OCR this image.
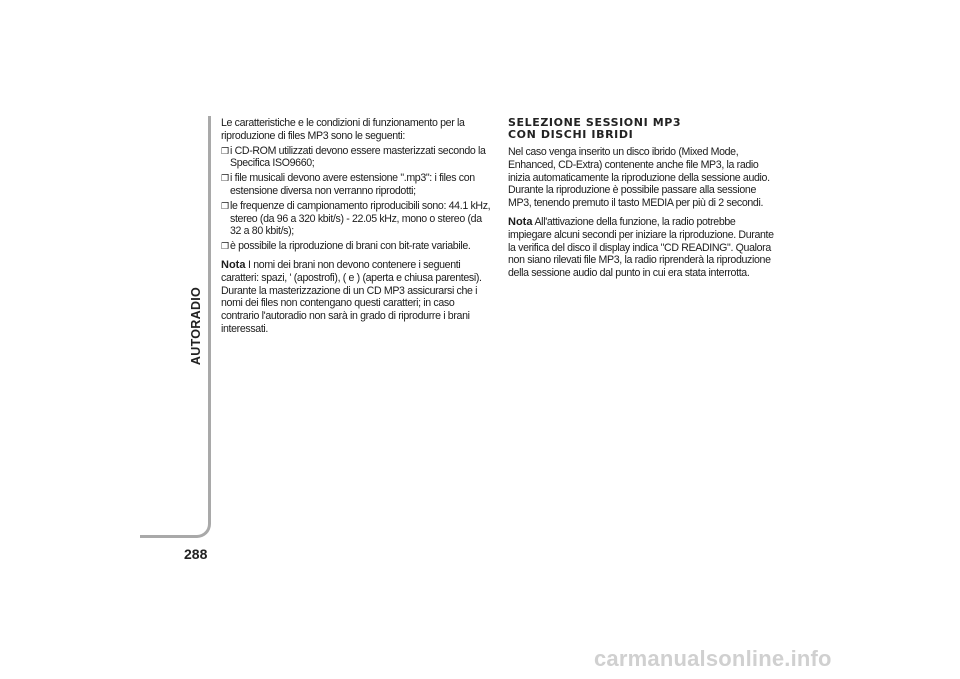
AUTORADIO
288

Le caratteristiche e le condizioni di funzionamento per la riproduzione di files MP3 sono le seguenti:

❒ i CD-ROM utilizzati devono essere masterizzati secondo la Specifica ISO9660;
❒ i file musicali devono avere estensione ".mp3": i files con estensione diversa non verranno riprodotti;
❒ le frequenze di campionamento riproducibili sono: 44.1 kHz, stereo (da 96 a 320 kbit/s) - 22.05 kHz, mono o stereo (da 32 a 80 kbit/s);
❒ è possibile la riproduzione di brani con bit-rate variabile.

Nota I nomi dei brani non devono contenere i seguenti caratteri: spazi, ' (apostrofi), ( e ) (aperta e chiusa parentesi). Durante la masterizzazione di un CD MP3 assicurarsi che i nomi dei files non contengano questi caratteri; in caso contrario l'autoradio non sarà in grado di riprodurre i brani interessati.

SELEZIONE SESSIONI MP3
CON DISCHI IBRIDI

Nel caso venga inserito un disco ibrido (Mixed Mode, Enhanced, CD-Extra) contenente anche file MP3, la radio inizia automaticamente la riproduzione della sessione audio. Durante la riproduzione è possibile passare alla sessione MP3, tenendo premuto il tasto MEDIA per più di 2 secondi.

Nota All'attivazione della funzione, la radio potrebbe impiegare alcuni secondi per iniziare la riproduzione. Durante la verifica del disco il display indica "CD READING". Qualora non siano rilevati file MP3, la radio riprenderà la riproduzione della sessione audio dal punto in cui era stata interrotta.

carmanualsonline.info
